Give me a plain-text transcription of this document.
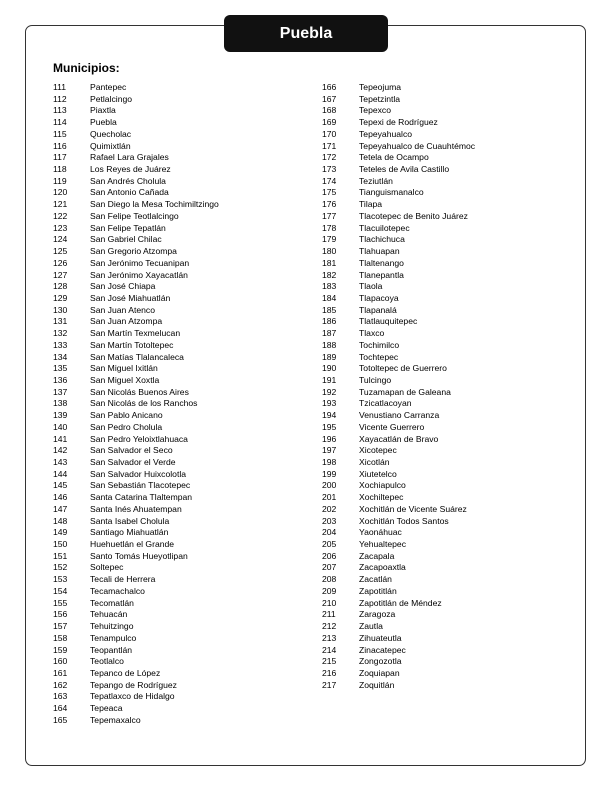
Puebla
Municipios:
111	Pantepec
112	Petlalcingo
113	Piaxtla
114	Puebla
115	Quecholac
116	Quimixtlán
117	Rafael Lara Grajales
118	Los Reyes de Juárez
119	San Andrés Cholula
120	San Antonio Cañada
121	San Diego la Mesa Tochimiltzingo
122	San Felipe Teotlalcingo
123	San Felipe Tepatlán
124	San Gabriel Chilac
125	San Gregorio Atzompa
126	San Jerónimo Tecuanipan
127	San Jerónimo Xayacatlán
128	San José Chiapa
129	San José Miahuatlán
130	San Juan Atenco
131	San Juan Atzompa
132	San Martín Texmelucan
133	San Martín Totoltepec
134	San Matías Tlalancaleca
135	San Miguel Ixitlán
136	San Miguel Xoxtla
137	San Nicolás Buenos Aires
138	San Nicolás de los Ranchos
139	San Pablo Anicano
140	San Pedro Cholula
141	San Pedro Yeloixtlahuaca
142	San Salvador el Seco
143	San Salvador el Verde
144	San Salvador Huixcolotla
145	San Sebastián Tlacotepec
146	Santa Catarina Tlaltempan
147	Santa Inés Ahuatempan
148	Santa Isabel Cholula
149	Santiago Miahuatlán
150	Huehuetlán el Grande
151	Santo Tomás Hueyotlipan
152	Soltepec
153	Tecali de Herrera
154	Tecamachalco
155	Tecomatlán
156	Tehuacán
157	Tehuitzingo
158	Tenampulco
159	Teopantlán
160	Teotlalco
161	Tepanco de López
162	Tepango de Rodríguez
163	Tepatlaxco de Hidalgo
164	Tepeaca
165	Tepemaxalco
166	Tepeojuma
167	Tepetzintla
168	Tepexco
169	Tepexi de Rodríguez
170	Tepeyahualco
171	Tepeyahualco de Cuauhtémoc
172	Tetela de Ocampo
173	Teteles de Avila Castillo
174	Teziutlán
175	Tianguismanalco
176	Tilapa
177	Tlacotepec de Benito Juárez
178	Tlacuilotepec
179	Tlachichuca
180	Tlahuapan
181	Tlaltenango
182	Tlanepantla
183	Tlaola
184	Tlapacoya
185	Tlapanalá
186	Tlatlauquitepec
187	Tlaxco
188	Tochimilco
189	Tochtepec
190	Totoltepec de Guerrero
191	Tulcingo
192	Tuzamapan de Galeana
193	Tzicatlacoyan
194	Venustiano Carranza
195	Vicente Guerrero
196	Xayacatlán de Bravo
197	Xicotepec
198	Xicotlán
199	Xiutetelco
200	Xochiapulco
201	Xochiltepec
202	Xochitlán de Vicente Suárez
203	Xochitlán Todos Santos
204	Yaonáhuac
205	Yehualtepec
206	Zacapala
207	Zacapoaxtla
208	Zacatlán
209	Zapotitlán
210	Zapotitlán de Méndez
211	Zaragoza
212	Zautla
213	Zihuateutla
214	Zinacatepec
215	Zongozotla
216	Zoquiapan
217	Zoquitlán
